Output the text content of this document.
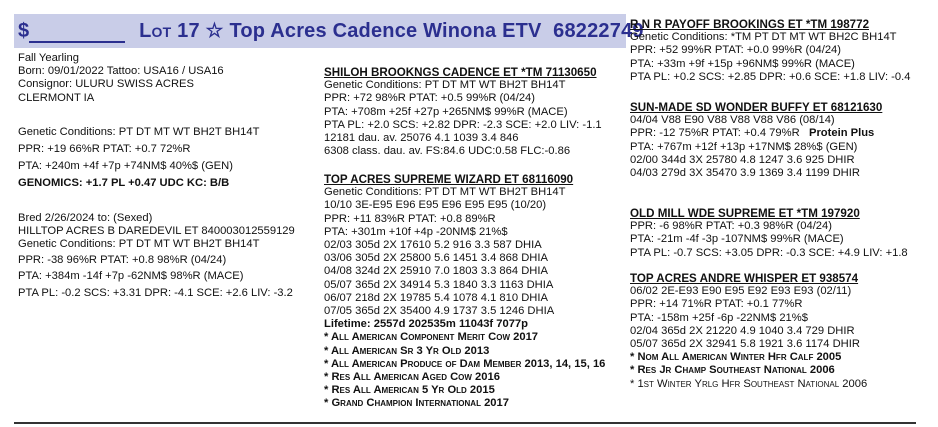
$	Lot 17 ☆ Top Acres Cadence Winona ETV 68222749
Fall Yearling
Born: 09/01/2022 Tattoo: USA16 / USA16
Consignor: ULURU SWISS ACRES
CLERMONT IA
Genetic Conditions: PT DT MT WT BH2T BH14T
PPR: +19 66%R PTAT: +0.7 72%R
PTA: +240m +4f +7p +74NM$ 40%$ (GEN)
GENOMICS: +1.7 PL +0.47 UDC KC: B/B
Bred 2/26/2024 to: (Sexed)
HILLTOP ACRES B DAREDEVIL ET 840003012559129
Genetic Conditions: PT DT MT WT BH2T BH14T
PPR: -38 96%R PTAT: +0.8 98%R (04/24)
PTA: +384m -14f +7p -62NM$ 98%R (MACE)
PTA PL: -0.2 SCS: +3.31 DPR: -4.1 SCE: +2.6 LIV: -3.2
SHILOH BROOKNGS CADENCE ET *TM 71130650
Genetic Conditions: PT DT MT WT BH2T BH14T
PPR: +72 98%R PTAT: +0.5 99%R (04/24)
PTA: +708m +25f +27p +265NM$ 99%R (MACE)
PTA PL: +2.0 SCS: +2.82 DPR: -2.3 SCE: +2.0 LIV: -1.1
12181 dau. av. 25076 4.1 1039 3.4 846
6308 class. dau. av. FS:84.6 UDC:0.58 FLC:-0.86
TOP ACRES SUPREME WIZARD ET 68116090
Genetic Conditions: PT DT MT WT BH2T BH14T
10/10 3E-E95 E96 E95 E96 E95 E95 (10/20)
PPR: +11 83%R PTAT: +0.8 89%R
PTA: +301m +10f +4p -20NM$ 21%$
02/03 305d 2X 17610 5.2 916 3.3 587 DHIA
03/06 305d 2X 25800 5.6 1451 3.4 868 DHIA
04/08 324d 2X 25910 7.0 1803 3.3 864 DHIA
05/07 365d 2X 34914 5.3 1840 3.3 1163 DHIA
06/07 218d 2X 19785 5.4 1078 4.1 810 DHIA
07/05 365d 2X 35400 4.9 1737 3.5 1246 DHIA
Lifetime: 2557d 202535m 11043f 7077p
* All American Component Merit Cow 2017
* All American Sr 3 Yr Old 2013
* All American Produce of Dam Member 2013, 14, 15, 16
* Res All American Aged Cow 2016
* Res All American 5 Yr Old 2015
* Grand Champion International 2017
R N R PAYOFF BROOKINGS ET *TM 198772
Genetic Conditions: *TM PT DT MT WT BH2C BH14T
PPR: +52 99%R PTAT: +0.0 99%R (04/24)
PTA: +33m +9f +15p +96NM$ 99%R (MACE)
PTA PL: +0.2 SCS: +2.85 DPR: +0.6 SCE: +1.8 LIV: -0.4
SUN-MADE SD WONDER BUFFY ET 68121630
04/04 V88 E90 V88 V88 V88 V86 (08/14)
PPR: -12 75%R PTAT: +0.4 79%R Protein Plus
PTA: +767m +12f +13p +17NM$ 28%$ (GEN)
02/00 344d 3X 25780 4.8 1247 3.6 925 DHIR
04/03 279d 3X 35470 3.9 1369 3.4 1199 DHIR
OLD MILL WDE SUPREME ET *TM 197920
PPR: -6 98%R PTAT: +0.3 98%R (04/24)
PTA: -21m -4f -3p -107NM$ 99%R (MACE)
PTA PL: -0.7 SCS: +3.05 DPR: -0.3 SCE: +4.9 LIV: +1.8
TOP ACRES ANDRE WHISPER ET 938574
06/02 2E-E93 E90 E95 E92 E93 E93 (02/11)
PPR: +14 71%R PTAT: +0.1 77%R
PTA: -158m +25f -6p -22NM$ 21%$
02/04 365d 2X 21220 4.9 1040 3.4 729 DHIR
05/07 365d 2X 32941 5.8 1921 3.6 1174 DHIR
* Nom All American Winter Hfr Calf 2005
* Res Jr Champ Southeast National 2006
* 1st Winter Yrlg Hfr Southeast National 2006
